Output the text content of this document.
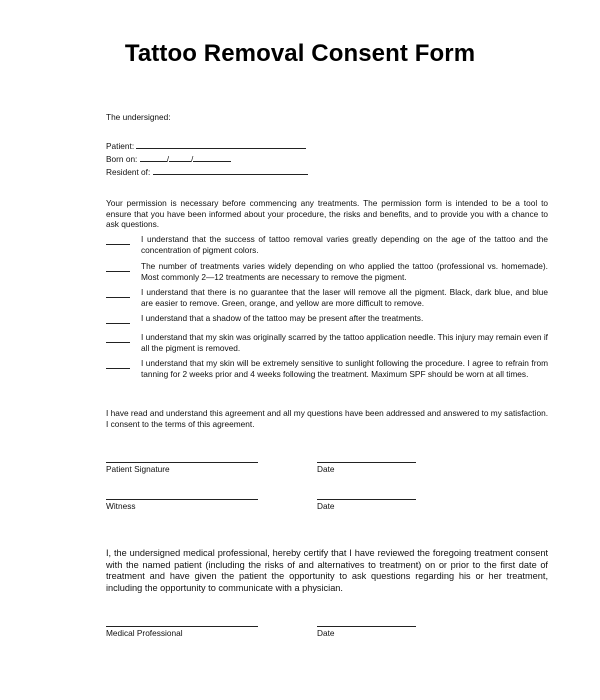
Tattoo Removal Consent Form
The undersigned:
Patient:
Born on:	/	/
Resident of:
Your permission is necessary before commencing any treatments. The permission form is intended to be a tool to ensure that you have been informed about your procedure, the risks and benefits, and to provide you with a chance to ask questions.
I understand that the success of tattoo removal varies greatly depending on the age of the tattoo and the concentration of pigment colors.
The number of treatments varies widely depending on who applied the tattoo (professional vs. homemade). Most commonly 2—12 treatments are necessary to remove the pigment.
I understand that there is no guarantee that the laser will remove all the pigment. Black, dark blue, and blue are easier to remove. Green, orange, and yellow are more difficult to remove.
I understand that a shadow of the tattoo may be present after the treatments.
I understand that my skin was originally scarred by the tattoo application needle. This injury may remain even if all the pigment is removed.
I understand that my skin will be extremely sensitive to sunlight following the procedure. I agree to refrain from tanning for 2 weeks prior and 4 weeks following the treatment. Maximum SPF should be worn at all times.
I have read and understand this agreement and all my questions have been addressed and answered to my satisfaction. I consent to the terms of this agreement.
Patient Signature	Date
Witness	Date
I, the undersigned medical professional, hereby certify that I have reviewed the foregoing treatment consent with the named patient (including the risks of and alternatives to treatment) on or prior to the first date of treatment and have given the patient the opportunity to ask questions regarding his or her treatment, including the opportunity to communicate with a physician.
Medical Professional	Date
